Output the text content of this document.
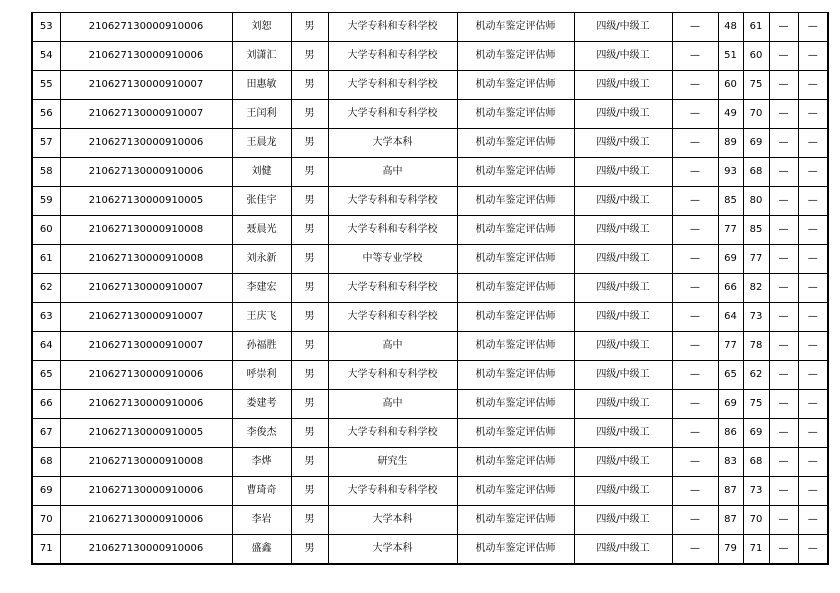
53	210627130000910006	刘恕	男	大学专科和专科学校	机动车鉴定评估师	四级/中级工	—	48	61	—	—
54	210627130000910006	刘潇汇	男	大学专科和专科学校	机动车鉴定评估师	四级/中级工	—	51	60	—	—
55	210627130000910007	田惠敏	男	大学专科和专科学校	机动车鉴定评估师	四级/中级工	—	60	75	—	—
56	210627130000910007	王闰利	男	大学专科和专科学校	机动车鉴定评估师	四级/中级工	—	49	70	—	—
57	210627130000910006	王晨龙	男	大学本科	机动车鉴定评估师	四级/中级工	—	89	69	—	—
58	210627130000910006	刘健	男	高中	机动车鉴定评估师	四级/中级工	—	93	68	—	—
59	210627130000910005	张佳宇	男	大学专科和专科学校	机动车鉴定评估师	四级/中级工	—	85	80	—	—
60	210627130000910008	聂晨光	男	大学专科和专科学校	机动车鉴定评估师	四级/中级工	—	77	85	—	—
61	210627130000910008	刘永新	男	中等专业学校	机动车鉴定评估师	四级/中级工	—	69	77	—	—
62	210627130000910007	李建宏	男	大学专科和专科学校	机动车鉴定评估师	四级/中级工	—	66	82	—	—
63	210627130000910007	王庆飞	男	大学专科和专科学校	机动车鉴定评估师	四级/中级工	—	64	73	—	—
64	210627130000910007	孙福胜	男	高中	机动车鉴定评估师	四级/中级工	—	77	78	—	—
65	210627130000910006	呼崇利	男	大学专科和专科学校	机动车鉴定评估师	四级/中级工	—	65	62	—	—
66	210627130000910006	娄建考	男	高中	机动车鉴定评估师	四级/中级工	—	69	75	—	—
67	210627130000910005	李俊杰	男	大学专科和专科学校	机动车鉴定评估师	四级/中级工	—	86	69	—	—
68	210627130000910008	李烨	男	研究生	机动车鉴定评估师	四级/中级工	—	83	68	—	—
69	210627130000910006	曹琦奇	男	大学专科和专科学校	机动车鉴定评估师	四级/中级工	—	87	73	—	—
70	210627130000910006	李岩	男	大学本科	机动车鉴定评估师	四级/中级工	—	87	70	—	—
71	210627130000910006	盛鑫	男	大学本科	机动车鉴定评估师	四级/中级工	—	79	71	—	—
